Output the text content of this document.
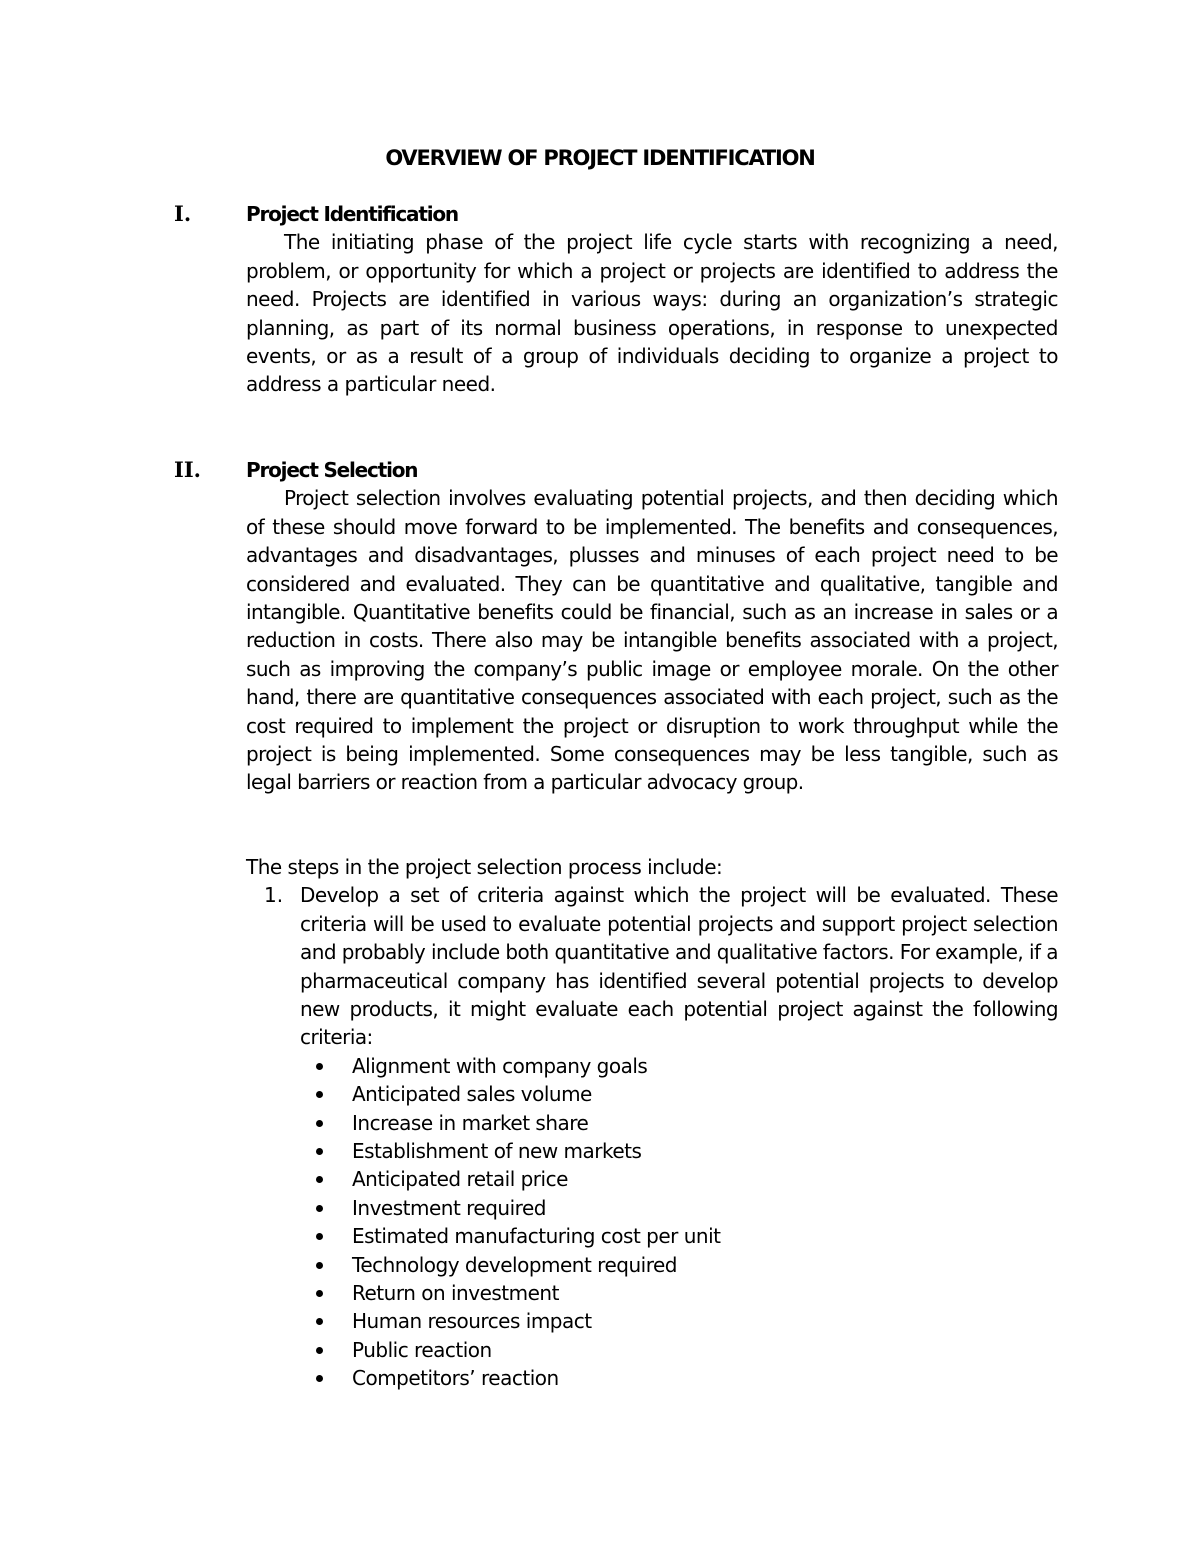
OVERVIEW OF PROJECT IDENTIFICATION
I.	Project Identification

The initiating phase of the project life cycle starts with recognizing a need, problem, or opportunity for which a project or projects are identified to address the need. Projects are identified in various ways: during an organization’s strategic planning, as part of its normal business operations, in response to unexpected events, or as a result of a group of individuals deciding to organize a project to address a particular need.

II. Project Selection

Project selection involves evaluating potential projects, and then deciding which of these should move forward to be implemented. The benefits and consequences, advantages and disadvantages, plusses and minuses of each project need to be considered and evaluated. They can be quantitative and qualitative, tangible and intangible. Quantitative benefits could be financial, such as an increase in sales or a reduction in costs. There also may be intangible benefits associated with a project, such as improving the company’s public image or employee morale. On the other hand, there are quantitative consequences associated with each project, such as the cost required to implement the project or disruption to work throughput while the project is being implemented. Some consequences may be less tangible, such as legal barriers or reaction from a particular advocacy group.

The steps in the project selection process include:

1. Develop a set of criteria against which the project will be evaluated. These criteria will be used to evaluate potential projects and support project selection and probably include both quantitative and qualitative factors. For example, if a pharmaceutical company has identified several potential projects to develop new products, it might evaluate each potential project against the following criteria:

Alignment with company goals
Anticipated sales volume
Increase in market share
Establishment of new markets
Anticipated retail price
Investment required
Estimated manufacturing cost per unit
Technology development required
Return on investment
Human resources impact
Public reaction
Competitors’ reaction
